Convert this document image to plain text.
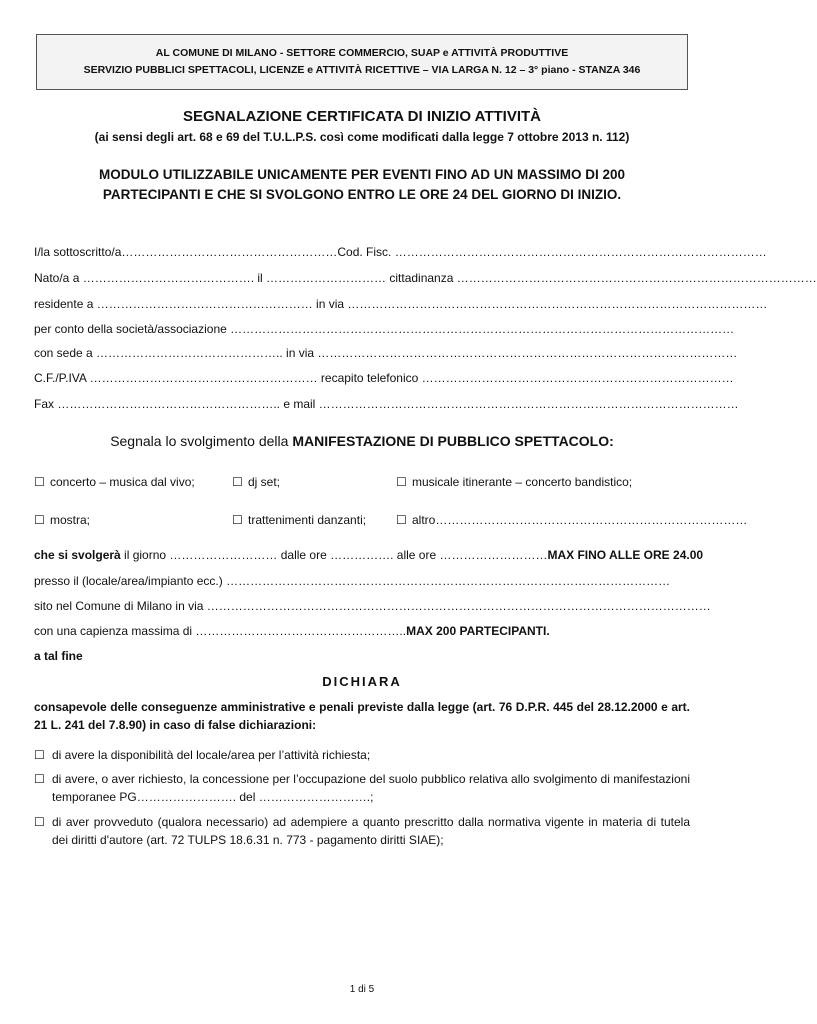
AL COMUNE DI MILANO - SETTORE COMMERCIO, SUAP e ATTIVITÀ PRODUTTIVE
SERVIZIO PUBBLICI SPETTACOLI, LICENZE e ATTIVITÀ RICETTIVE – VIA LARGA N. 12 – 3° piano - STANZA 346
SEGNALAZIONE CERTIFICATA DI INIZIO ATTIVITÀ
(ai sensi degli art. 68 e 69 del T.U.L.P.S. così come modificati dalla legge 7 ottobre 2013 n. 112)
MODULO UTILIZZABILE UNICAMENTE PER EVENTI FINO AD UN MASSIMO DI 200
PARTECIPANTI E CHE SI SVOLGONO ENTRO LE ORE 24 DEL GIORNO DI INIZIO.
I/la sottoscritto/a………………………………………………Cod. Fisc. …………………………………………………………………………………
Nato/a a ……………………………………. il ………………………… cittadinanza ………………………………………………………………………………
residente a ……………………………………………… in via ……………………………………………………………………………………………
per conto della società/associazione ………………………………………………………………………………………………………………
con sede a ……………………………………….. in via ……………………………………………………………………………………………
C.F./P.IVA ………………………………………………… recapito telefonico ……………………………………………………………………
Fax ……………………………………………….. e mail ……………………………………………………………………………………………
Segnala lo svolgimento della MANIFESTAZIONE DI PUBBLICO SPETTACOLO:
☐ concerto – musica dal vivo;	☐ dj set;	☐ musicale itinerante – concerto bandistico;
☐ mostra;	☐ trattenimenti danzanti; ☐ altro……………………………………………………………………
che si svolgerà il giorno ……………………… dalle ore ……………. alle ore ………………………MAX FINO ALLE ORE 24.00
presso il (locale/area/impianto ecc.) …………………………………………………………………………………………………
sito nel Comune di Milano in via ………………………………………………………………………………………………………………
con una capienza massima di ……………………………………………..MAX 200 PARTECIPANTI.
a tal fine
DICHIARA
consapevole delle conseguenze amministrative e penali previste dalla legge (art. 76 D.P.R. 445 del 28.12.2000 e art. 21 L. 241 del 7.8.90) in caso di false dichiarazioni:
☐ di avere la disponibilità del locale/area per l’attività richiesta;
☐ di avere, o aver richiesto, la concessione per l’occupazione del suolo pubblico relativa allo svolgimento di manifestazioni temporanee PG……………………. del ……………………….;
☐ di aver provveduto (qualora necessario) ad adempiere a quanto prescritto dalla normativa vigente in materia di tutela dei diritti d'autore (art. 72 TULPS 18.6.31 n. 773 - pagamento diritti SIAE);
1 di 5
